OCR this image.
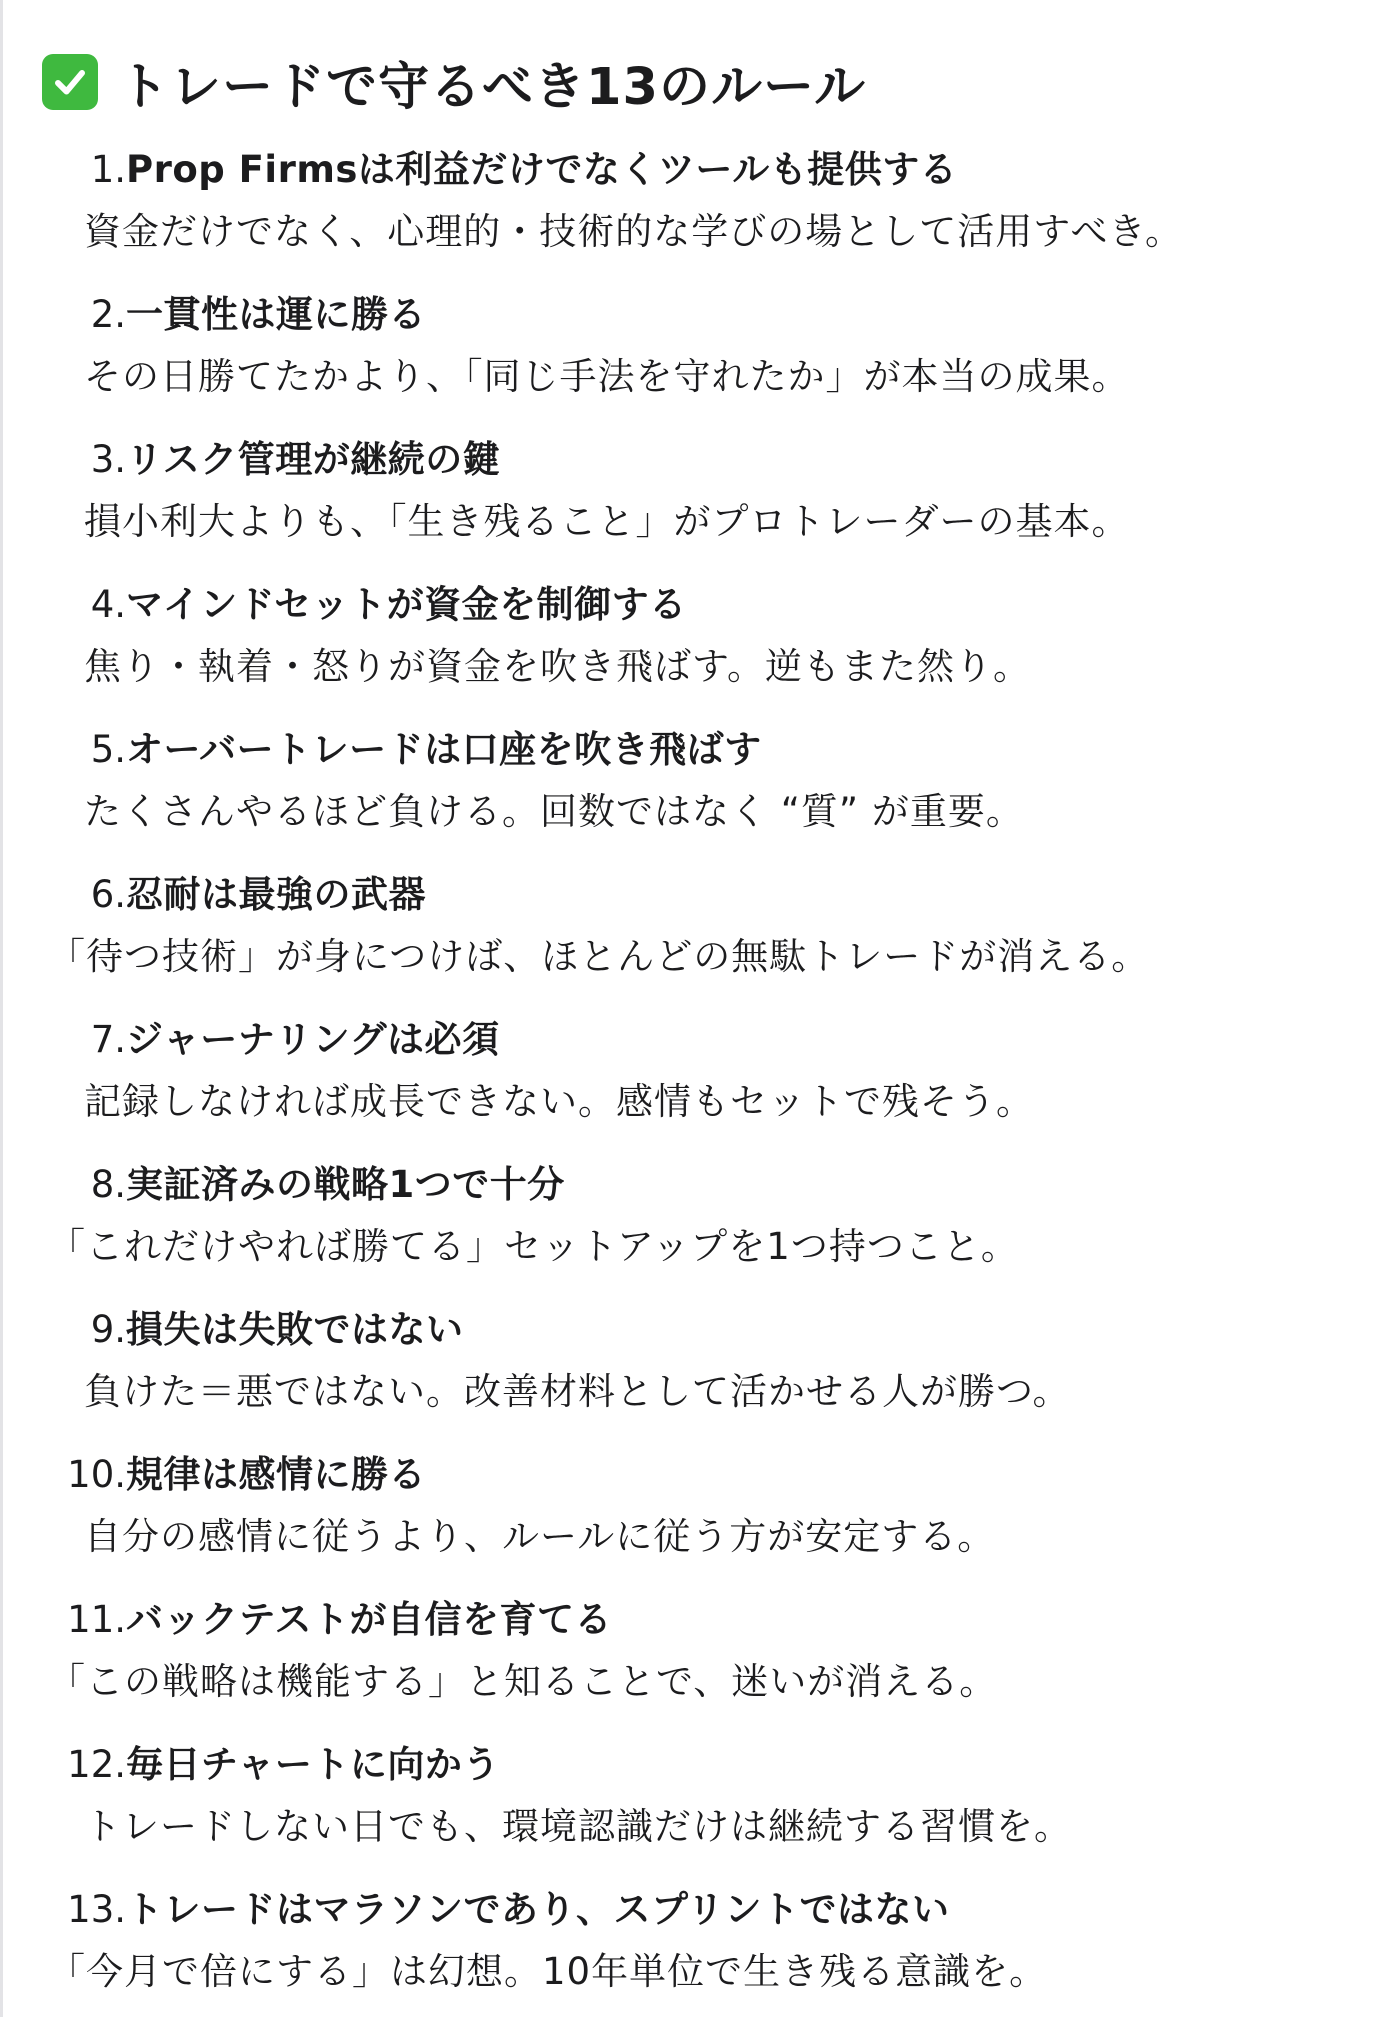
トレードで守るべき13のルール
1. Prop Firmsは利益だけでなくツールも提供する
資金だけでなく、心理的・技術的な学びの場として活用すべき。
2. 一貫性は運に勝る
その日勝てたかより、「同じ手法を守れたか」が本当の成果。
3. リスク管理が継続の鍵
損小利大よりも、「生き残ること」がプロトレーダーの基本。
4. マインドセットが資金を制御する
焦り・執着・怒りが資金を吹き飛ばす。逆もまた然り。
5. オーバートレードは口座を吹き飛ばす
たくさんやるほど負ける。回数ではなく “質” が重要。
6. 忍耐は最強の武器
「待つ技術」が身につけば、ほとんどの無駄トレードが消える。
7. ジャーナリングは必須
記録しなければ成長できない。感情もセットで残そう。
8. 実証済みの戦略1つで十分
「これだけやれば勝てる」セットアップを1つ持つこと。
9. 損失は失敗ではない
負けた＝悪ではない。改善材料として活かせる人が勝つ。
10. 規律は感情に勝る
自分の感情に従うより、ルールに従う方が安定する。
11. バックテストが自信を育てる
「この戦略は機能する」と知ることで、迷いが消える。
12. 毎日チャートに向かう
トレードしない日でも、環境認識だけは継続する習慣を。
13. トレードはマラソンであり、スプリントではない
「今月で倍にする」は幻想。10年単位で生き残る意識を。
